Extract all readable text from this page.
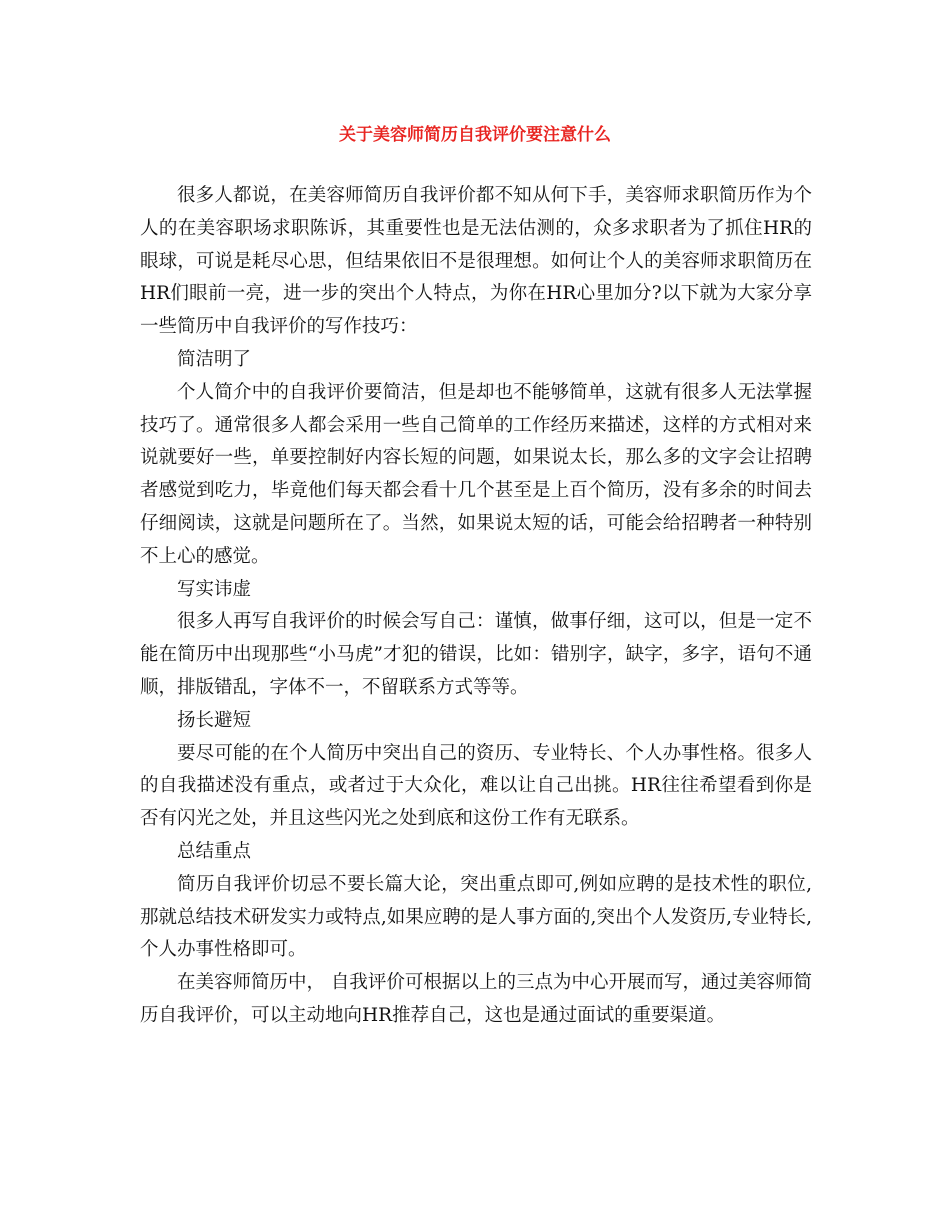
关于美容师简历自我评价要注意什么

很多人都说，在美容师简历自我评价都不知从何下手，美容师求职简历作为个人的在美容职场求职陈诉，其重要性也是无法估测的，众多求职者为了抓住HR的眼球，可说是耗尽心思，但结果依旧不是很理想。如何让个人的美容师求职简历在HR们眼前一亮，进一步的突出个人特点，为你在HR心里加分?以下就为大家分享一些简历中自我评价的写作技巧：

简洁明了

个人简介中的自我评价要简洁，但是却也不能够简单，这就有很多人无法掌握技巧了。通常很多人都会采用一些自己简单的工作经历来描述，这样的方式相对来说就要好一些，单要控制好内容长短的问题，如果说太长，那么多的文字会让招聘者感觉到吃力，毕竟他们每天都会看十几个甚至是上百个简历，没有多余的时间去仔细阅读，这就是问题所在了。当然，如果说太短的话，可能会给招聘者一种特别不上心的感觉。

写实讳虚

很多人再写自我评价的时候会写自己：谨慎，做事仔细，这可以，但是一定不能在简历中出现那些“小马虎”才犯的错误，比如：错别字，缺字，多字，语句不通顺，排版错乱，字体不一，不留联系方式等等。

扬长避短

要尽可能的在个人简历中突出自己的资历、专业特长、个人办事性格。很多人的自我描述没有重点，或者过于大众化，难以让自己出挑。HR往往希望看到你是否有闪光之处，并且这些闪光之处到底和这份工作有无联系。

总结重点

简历自我评价切忌不要长篇大论，突出重点即可,例如应聘的是技术性的职位,那就总结技术研发实力或特点,如果应聘的是人事方面的,突出个人发资历,专业特长,个人办事性格即可。

在美容师简历中， 自我评价可根据以上的三点为中心开展而写，通过美容师简历自我评价，可以主动地向HR推荐自己，这也是通过面试的重要渠道。
